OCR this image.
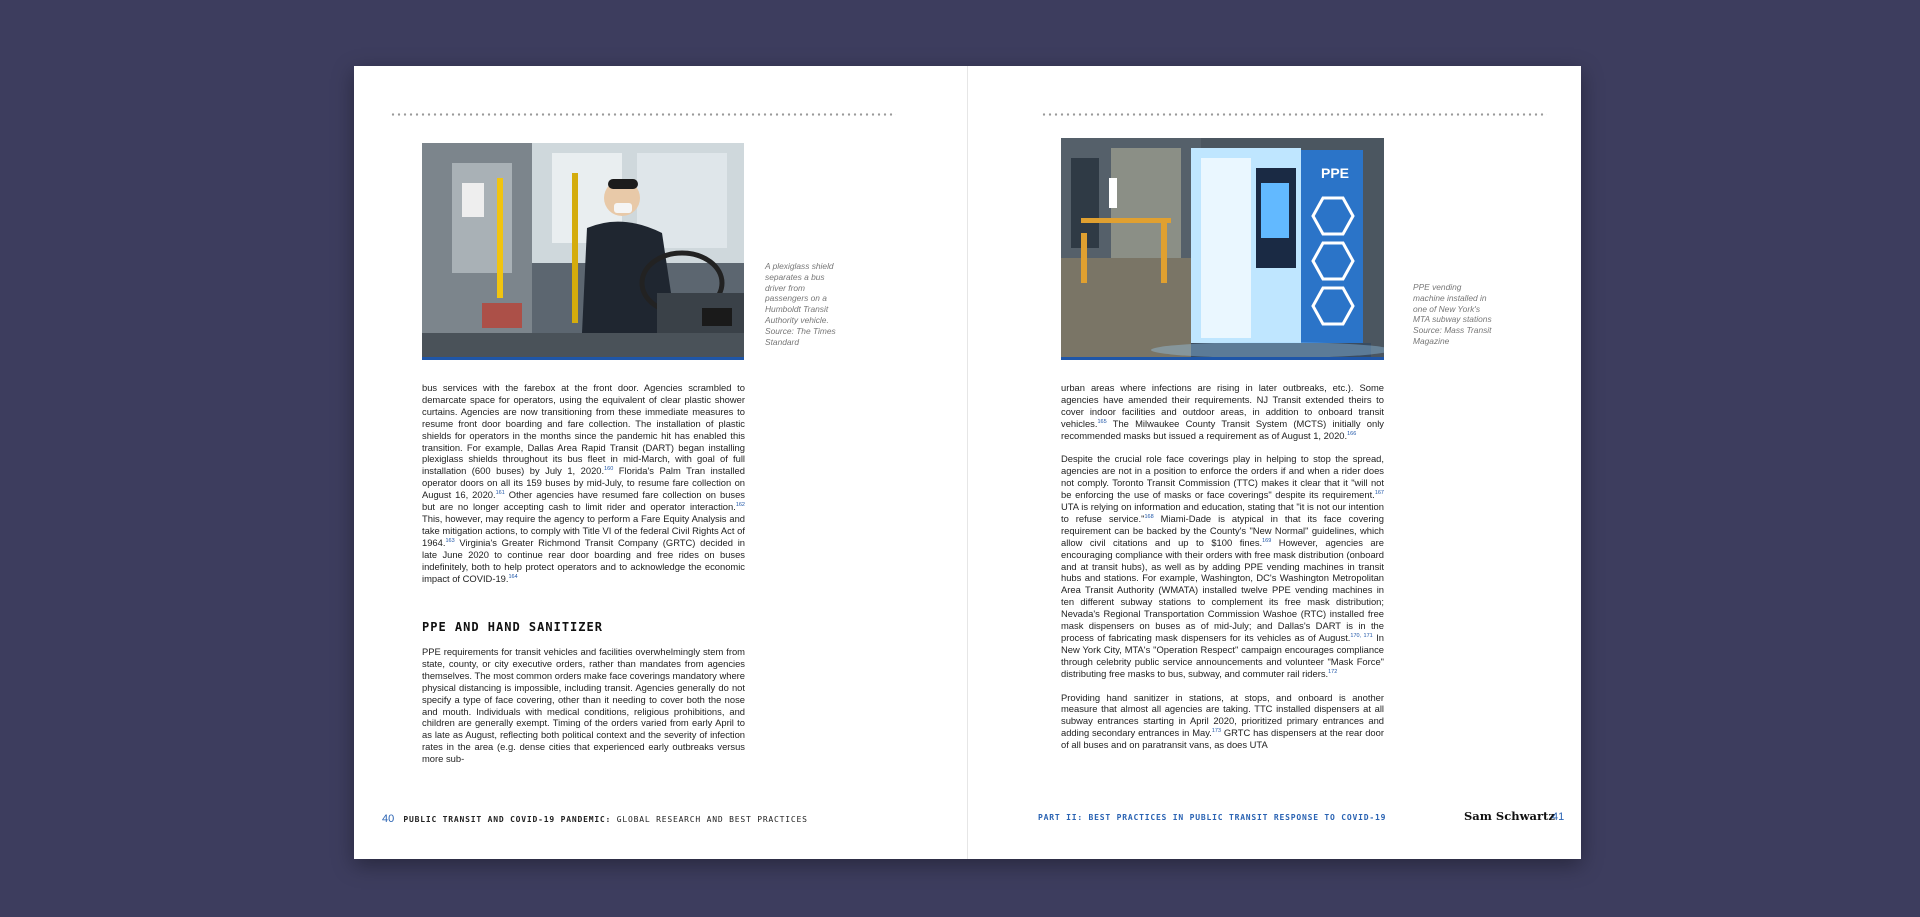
A plexiglass shield separates a bus driver from passengers on a Humboldt Transit Authority vehicle. Source: The Times Standard

bus services with the farebox at the front door. Agencies scrambled to demarcate space for operators, using the equivalent of clear plastic shower curtains. Agencies are now transitioning from these immediate measures to resume front door boarding and fare collection. The installation of plastic shields for operators in the months since the pandemic hit has enabled this transition. For example, Dallas Area Rapid Transit (DART) began installing plexiglass shields throughout its bus fleet in mid-March, with goal of full installation (600 buses) by July 1, 2020.$^{160}$ Florida's Palm Tran installed operator doors on all its 159 buses by mid-July, to resume fare collection on August 16, 2020.$^{161}$ Other agencies have resumed fare collection on buses but are no longer accepting cash to limit rider and operator interaction.$^{162}$ This, however, may require the agency to perform a Fare Equity Analysis and take mitigation actions, to comply with Title VI of the federal Civil Rights Act of 1964.$^{163}$ Virginia's Greater Richmond Transit Company (GRTC) decided in late June 2020 to continue rear door boarding and free rides on buses indefinitely, both to help protect operators and to acknowledge the economic impact of COVID-19.$^{164}$

PPE AND HAND SANITIZER

PPE requirements for transit vehicles and facilities overwhelmingly stem from state, county, or city executive orders, rather than mandates from agencies themselves. The most common orders make face coverings mandatory where physical distancing is impossible, including transit. Agencies generally do not specify a type of face covering, other than it needing to cover both the nose and mouth. Individuals with medical conditions, religious prohibitions, and children are generally exempt. Timing of the orders varied from early April to as late as August, reflecting both political context and the severity of infection rates in the area (e.g. dense cities that experienced early outbreaks versus more sub-

40 PUBLIC TRANSIT AND COVID-19 PANDEMIC: GLOBAL RESEARCH AND BEST PRACTICES
PPE
PPE vending machine installed in one of New York's MTA subway stations Source: Mass Transit Magazine

urban areas where infections are rising in later outbreaks, etc.). Some agencies have amended their requirements. NJ Transit extended theirs to cover indoor facilities and outdoor areas, in addition to onboard transit vehicles.$^{165}$ The Milwaukee County Transit System (MCTS) initially only recommended masks but issued a requirement as of August 1, 2020.$^{166}$

Despite the crucial role face coverings play in helping to stop the spread, agencies are not in a position to enforce the orders if and when a rider does not comply. Toronto Transit Commission (TTC) makes it clear that it "will not be enforcing the use of masks or face coverings" despite its requirement.$^{167}$ UTA is relying on information and education, stating that "it is not our intention to refuse service."$^{168}$ Miami-Dade is atypical in that its face covering requirement can be backed by the County's "New Normal" guidelines, which allow civil citations and up to $100 fines.$^{169}$ However, agencies are encouraging compliance with their orders with free mask distribution (onboard and at transit hubs), as well as by adding PPE vending machines in transit hubs and stations. For example, Washington, DC's Washington Metropolitan Area Transit Authority (WMATA) installed twelve PPE vending machines in ten different subway stations to complement its free mask distribution; Nevada's Regional Transportation Commission Washoe (RTC) installed free mask dispensers on buses as of mid-July; and Dallas's DART is in the process of fabricating mask dispensers for its vehicles as of August.$^{170, 171}$ In New York City, MTA's "Operation Respect" campaign encourages compliance through celebrity public service announcements and volunteer "Mask Force" distributing free masks to bus, subway, and commuter rail riders.$^{172}$

Providing hand sanitizer in stations, at stops, and onboard is another measure that almost all agencies are taking. TTC installed dispensers at all subway entrances starting in April 2020, prioritized primary entrances and adding secondary entrances in May.$^{173}$ GRTC has dispensers at the rear door of all buses and on paratransit vans, as does UTA

PART II: BEST PRACTICES IN PUBLIC TRANSIT RESPONSE TO COVID-19	Sam Schwartz
41
